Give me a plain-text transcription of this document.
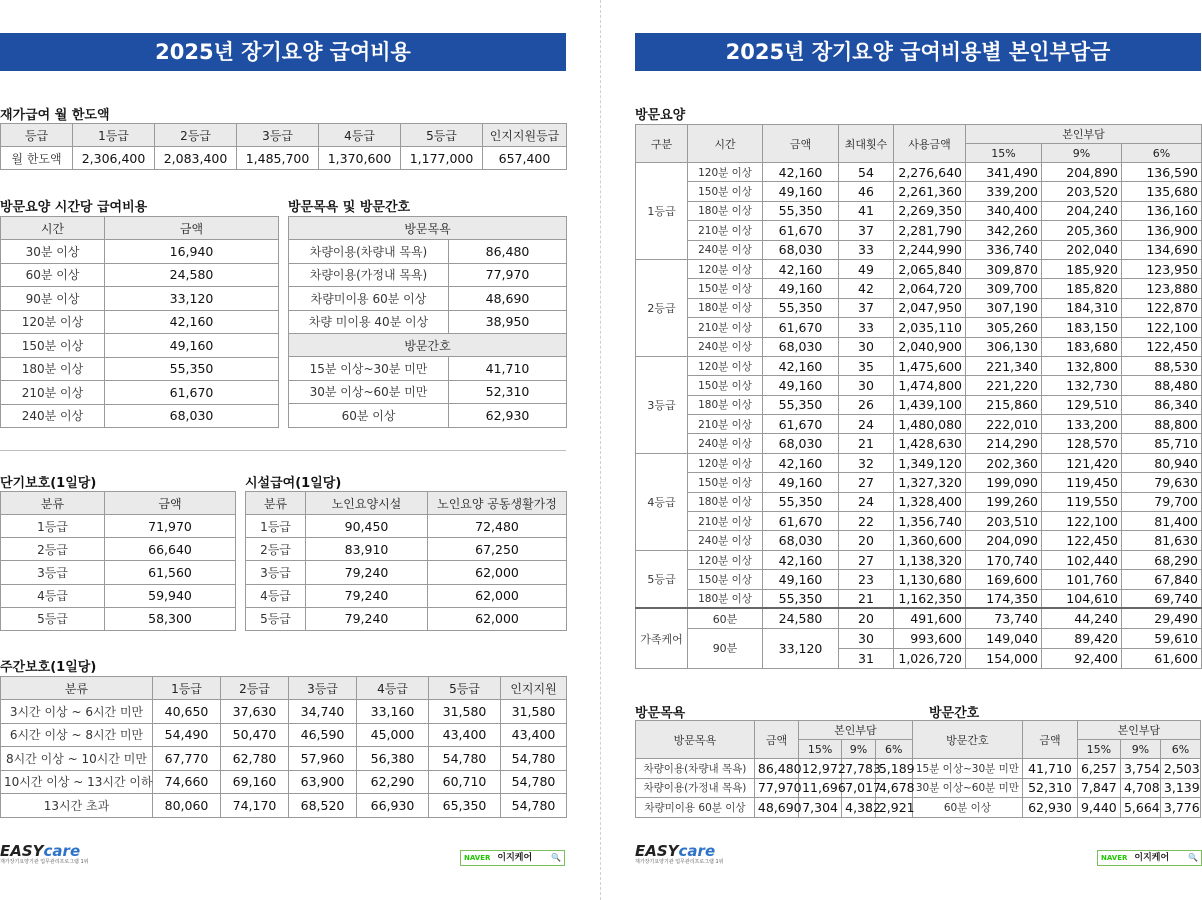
2025년 장기요양 급여비용
재가급여 월 한도액
등급	1등급	2등급	3등급	4등급	5등급	인지지원등급
월 한도액	2,306,400	2,083,400	1,485,700	1,370,600	1,177,000	657,400
방문요양 시간당 급여비용
시간	금액
30분 이상	16,940
60분 이상	24,580
90분 이상	33,120
120분 이상	42,160
150분 이상	49,160
180분 이상	55,350
210분 이상	61,670
240분 이상	68,030
방문목욕 및 방문간호
방문목욕	
차량이용(차량내 목욕)	86,480
차량이용(가정내 목욕)	77,970
차량미이용 60분 이상	48,690
차량 미이용 40분 이상	38,950
방문간호	
15분 이상~30분 미만	41,710
30분 이상~60분 미만	52,310
60분 이상	62,930
단기보호(1일당)
분류	금액
1등급	71,970
2등급	66,640
3등급	61,560
4등급	59,940
5등급	58,300
시설급여(1일당)
분류	노인요양시설	노인요양 공동생활가정
1등급	90,450	72,480
2등급	83,910	67,250
3등급	79,240	62,000
4등급	79,240	62,000
5등급	79,240	62,000
주간보호(1일당)
분류	1등급	2등급	3등급	4등급	5등급	인지지원
3시간 이상 ~ 6시간 미만	40,650	37,630	34,740	33,160	31,580	31,580
6시간 이상 ~ 8시간 미만	54,490	50,470	46,590	45,000	43,400	43,400
8시간 이상 ~ 10시간 미만	67,770	62,780	57,960	56,380	54,780	54,780
10시간 이상 ~ 13시간 이하	74,660	69,160	63,900	62,290	60,710	54,780
13시간 초과	80,060	74,170	68,520	66,930	65,350	54,780
EASYcare
재가장기요양기관 업무관리프로그램 1위	NAVER 이지케어 🔍
2025년 장기요양 급여비용별 본인부담금
방문요양
구분	시간	금액	최대횟수	사용금액	본인부담		
					15%	9%	6%
1등급	120분 이상	42,160	54	2,276,640	341,490	204,890	136,590
	150분 이상	49,160	46	2,261,360	339,200	203,520	135,680
	180분 이상	55,350	41	2,269,350	340,400	204,240	136,160
	210분 이상	61,670	37	2,281,790	342,260	205,360	136,900
	240분 이상	68,030	33	2,244,990	336,740	202,040	134,690
2등급	120분 이상	42,160	49	2,065,840	309,870	185,920	123,950
	150분 이상	49,160	42	2,064,720	309,700	185,820	123,880
	180분 이상	55,350	37	2,047,950	307,190	184,310	122,870
	210분 이상	61,670	33	2,035,110	305,260	183,150	122,100
	240분 이상	68,030	30	2,040,900	306,130	183,680	122,450
3등급	120분 이상	42,160	35	1,475,600	221,340	132,800	88,530
	150분 이상	49,160	30	1,474,800	221,220	132,730	88,480
	180분 이상	55,350	26	1,439,100	215,860	129,510	86,340
	210분 이상	61,670	24	1,480,080	222,010	133,200	88,800
	240분 이상	68,030	21	1,428,630	214,290	128,570	85,710
4등급	120분 이상	42,160	32	1,349,120	202,360	121,420	80,940
	150분 이상	49,160	27	1,327,320	199,090	119,450	79,630
	180분 이상	55,350	24	1,328,400	199,260	119,550	79,700
	210분 이상	61,670	22	1,356,740	203,510	122,100	81,400
	240분 이상	68,030	20	1,360,600	204,090	122,450	81,630
5등급	120분 이상	42,160	27	1,138,320	170,740	102,440	68,290
	150분 이상	49,160	23	1,130,680	169,600	101,760	67,840
	180분 이상	55,350	21	1,162,350	174,350	104,610	69,740
가족케어	60분	24,580	20	491,600	73,740	44,240	29,490
	90분	33,120	30	993,600	149,040	89,420	59,610
			31	1,026,720	154,000	92,400	61,600
방문목욕	방문간호
방문목욕	금액	본인부담			방문간호	금액	본인부담		
		15%	9%	6%			15%	9%	6%
차량이용(차량내 목욕)	86,480	12,972	7,783	5,189	15분 이상~30분 미만	41,710	6,257	3,754	2,503
차량이용(가정내 목욕)	77,970	11,696	7,017	4,678	30분 이상~60분 미만	52,310	7,847	4,708	3,139
차량미이용 60분 이상	48,690	7,304	4,382	2,921	60분 이상	62,930	9,440	5,664	3,776
EASYcare
재가장기요양기관 업무관리프로그램 1위	NAVER 이지케어 🔍
